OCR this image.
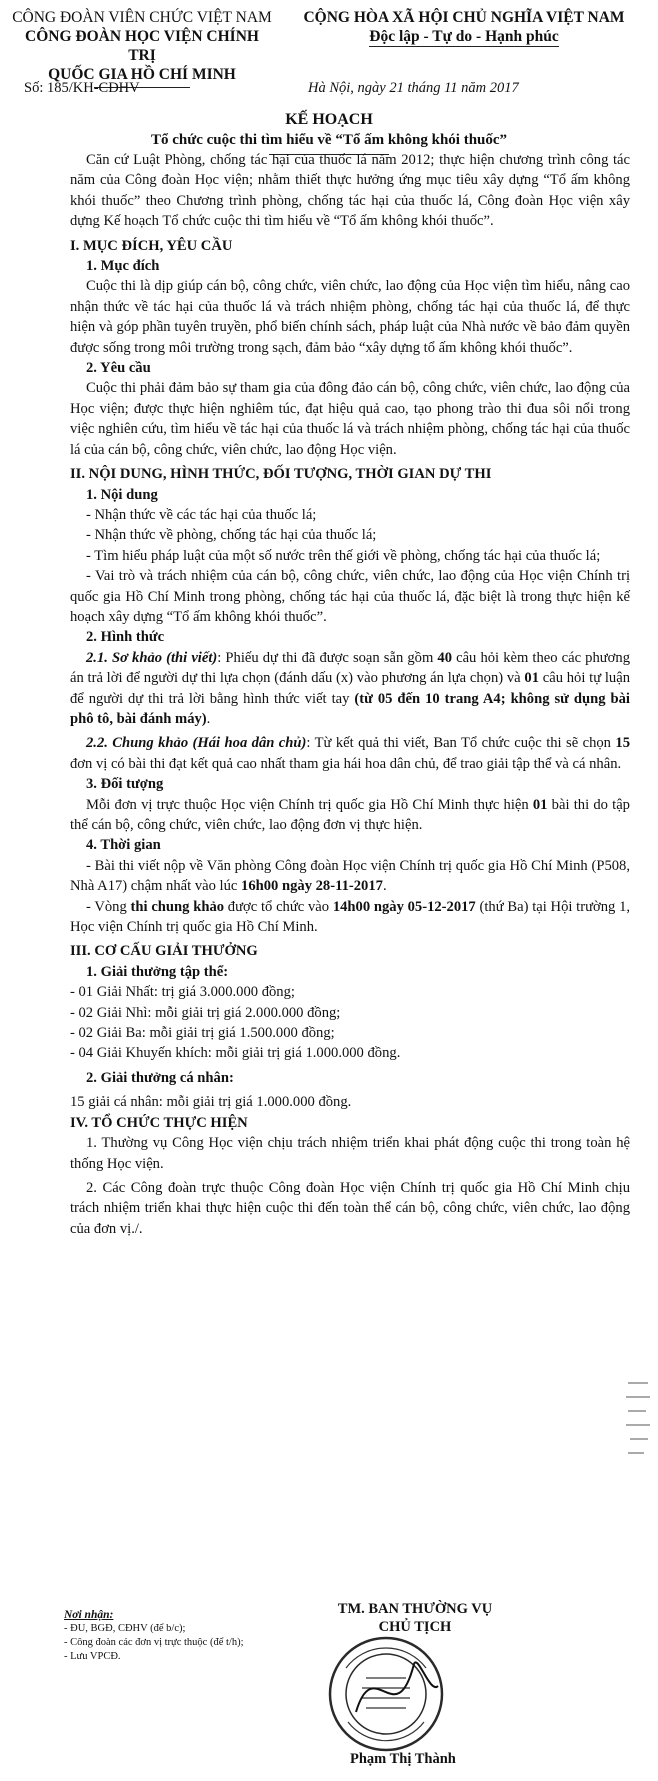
CÔNG ĐOÀN VIÊN CHỨC VIỆT NAM
CÔNG ĐOÀN HỌC VIỆN CHÍNH TRỊ
QUỐC GIA HỒ CHÍ MINH
CỘNG HÒA XÃ HỘI CHỦ NGHĨA VIỆT NAM
Độc lập - Tự do - Hạnh phúc
Số: 185/KH-CĐHV	Hà Nội, ngày 21 tháng 11 năm 2017
KẾ HOẠCH
Tổ chức cuộc thi tìm hiểu về “Tổ ấm không khói thuốc”

Căn cứ Luật Phòng, chống tác hại của thuốc lá năm 2012; thực hiện chương trình công tác năm của Công đoàn Học viện; nhằm thiết thực hưởng ứng mục tiêu xây dựng “Tổ ấm không khói thuốc” theo Chương trình phòng, chống tác hại của thuốc lá, Công đoàn Học viện xây dựng Kế hoạch Tổ chức cuộc thi tìm hiểu về “Tổ ấm không khói thuốc”.

I. MỤC ĐÍCH, YÊU CẦU

1. Mục đích

Cuộc thi là dịp giúp cán bộ, công chức, viên chức, lao động của Học viện tìm hiểu, nâng cao nhận thức về tác hại của thuốc lá và trách nhiệm phòng, chống tác hại của thuốc lá, để thực hiện và góp phần tuyên truyền, phổ biến chính sách, pháp luật của Nhà nước về bảo đảm quyền được sống trong môi trường trong sạch, đảm bảo “xây dựng tổ ấm không khói thuốc”.

2. Yêu cầu

Cuộc thi phải đảm bảo sự tham gia của đông đảo cán bộ, công chức, viên chức, lao động của Học viện; được thực hiện nghiêm túc, đạt hiệu quả cao, tạo phong trào thi đua sôi nổi trong việc nghiên cứu, tìm hiểu về tác hại của thuốc lá và trách nhiệm phòng, chống tác hại của thuốc lá của cán bộ, công chức, viên chức, lao động Học viện.

II. NỘI DUNG, HÌNH THỨC, ĐỐI TƯỢNG, THỜI GIAN DỰ THI

1. Nội dung

- Nhận thức về các tác hại của thuốc lá;

- Nhận thức về phòng, chống tác hại của thuốc lá;

- Tìm hiểu pháp luật của một số nước trên thế giới về phòng, chống tác hại của thuốc lá;

- Vai trò và trách nhiệm của cán bộ, công chức, viên chức, lao động của Học viện Chính trị quốc gia Hồ Chí Minh trong phòng, chống tác hại của thuốc lá, đặc biệt là trong thực hiện kế hoạch xây dựng “Tổ ấm không khói thuốc”.

2. Hình thức

2.1. Sơ khảo (thi viết): Phiếu dự thi đã được soạn sẵn gồm 40 câu hỏi kèm theo các phương án trả lời để người dự thi lựa chọn (đánh dấu (x) vào phương án lựa chọn) và 01 câu hỏi tự luận để người dự thi trả lời bằng hình thức viết tay (từ 05 đến 10 trang A4; không sử dụng bài phô tô, bài đánh máy).

2.2. Chung khảo (Hái hoa dân chủ): Từ kết quả thi viết, Ban Tổ chức cuộc thi sẽ chọn 15 đơn vị có bài thi đạt kết quả cao nhất tham gia hái hoa dân chủ, để trao giải tập thể và cá nhân.

3. Đối tượng

Mỗi đơn vị trực thuộc Học viện Chính trị quốc gia Hồ Chí Minh thực hiện 01 bài thi do tập thể cán bộ, công chức, viên chức, lao động đơn vị thực hiện.

4. Thời gian

- Bài thi viết nộp về Văn phòng Công đoàn Học viện Chính trị quốc gia Hồ Chí Minh (P508, Nhà A17) chậm nhất vào lúc 16h00 ngày 28-11-2017.

- Vòng thi chung khảo được tổ chức vào 14h00 ngày 05-12-2017 (thứ Ba) tại Hội trường 1, Học viện Chính trị quốc gia Hồ Chí Minh.

III. CƠ CẤU GIẢI THƯỞNG

1. Giải thưởng tập thể:

- 01 Giải Nhất: trị giá 3.000.000 đồng;

- 02 Giải Nhì: mỗi giải trị giá 2.000.000 đồng;

- 02 Giải Ba: mỗi giải trị giá 1.500.000 đồng;

- 04 Giải Khuyến khích: mỗi giải trị giá 1.000.000 đồng.

2. Giải thưởng cá nhân:

15 giải cá nhân: mỗi giải trị giá 1.000.000 đồng.

IV. TỔ CHỨC THỰC HIỆN

1. Thường vụ Công Học viện chịu trách nhiệm triển khai phát động cuộc thi trong toàn hệ thống Học viện.

2. Các Công đoàn trực thuộc Công đoàn Học viện Chính trị quốc gia Hồ Chí Minh chịu trách nhiệm triển khai thực hiện cuộc thi đến toàn thể cán bộ, công chức, viên chức, lao động của đơn vị./.

Nơi nhận:
- ĐU, BGĐ, CĐHV (để b/c);
- Công đoàn các đơn vị trực thuộc (để t/h);
- Lưu VPCĐ.
TM. BAN THƯỜNG VỤ
CHỦ TỊCH
Phạm Thị Thành
